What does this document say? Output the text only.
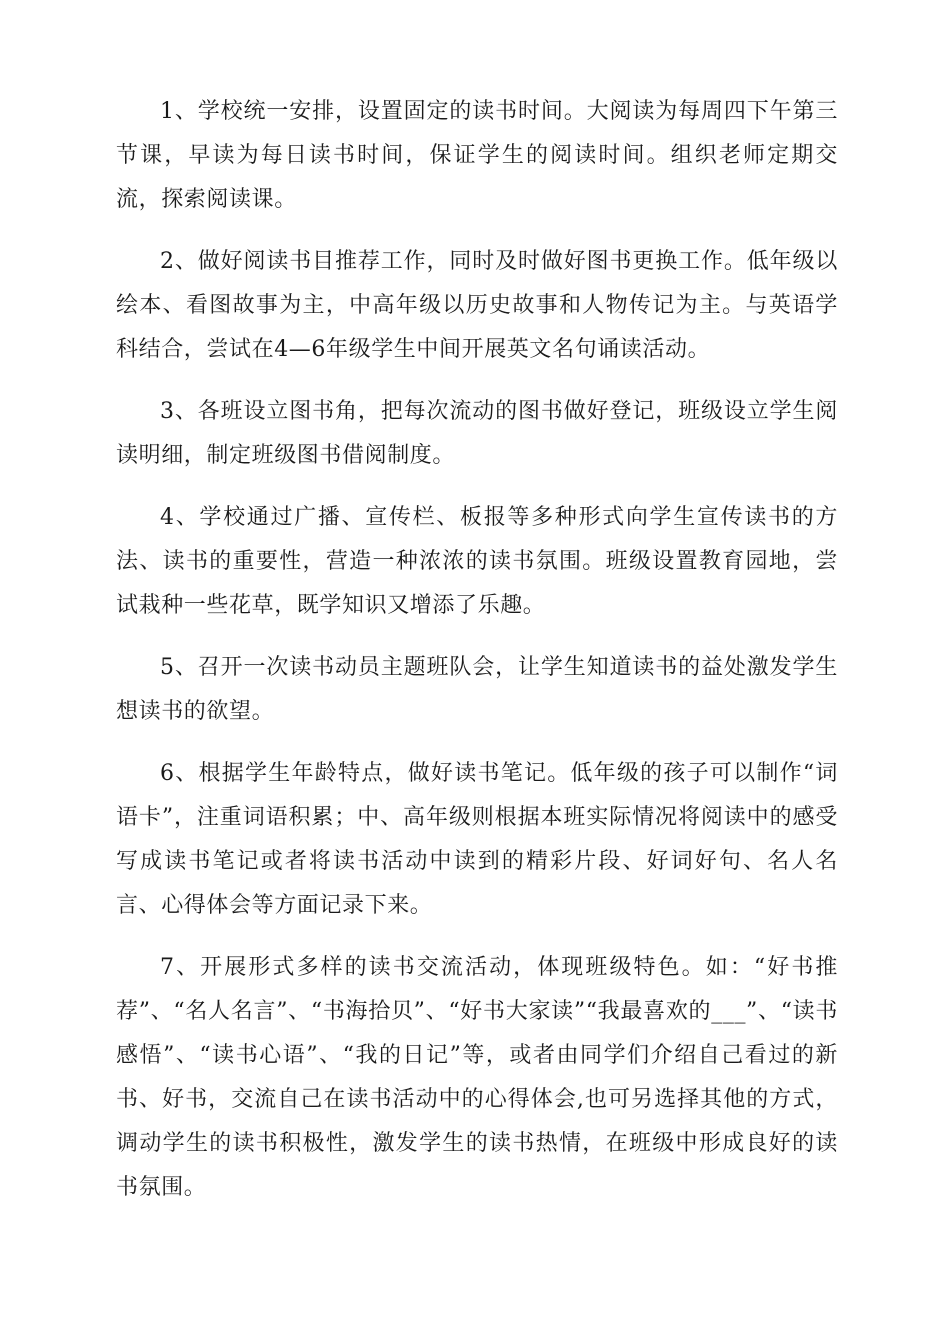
1、学校统一安排，设置固定的读书时间。大阅读为每周四下午第三节课，早读为每日读书时间，保证学生的阅读时间。组织老师定期交流，探索阅读课。

2、做好阅读书目推荐工作，同时及时做好图书更换工作。低年级以绘本、看图故事为主，中高年级以历史故事和人物传记为主。与英语学科结合，尝试在4—6年级学生中间开展英文名句诵读活动。

3、各班设立图书角，把每次流动的图书做好登记，班级设立学生阅读明细，制定班级图书借阅制度。

4、学校通过广播、宣传栏、板报等多种形式向学生宣传读书的方法、读书的重要性，营造一种浓浓的读书氛围。班级设置教育园地，尝试栽种一些花草，既学知识又增添了乐趣。

5、召开一次读书动员主题班队会，让学生知道读书的益处激发学生想读书的欲望。

6、根据学生年龄特点，做好读书笔记。低年级的孩子可以制作“词语卡”，注重词语积累；中、高年级则根据本班实际情况将阅读中的感受写成读书笔记或者将读书活动中读到的精彩片段、好词好句、名人名言、心得体会等方面记录下来。

7、开展形式多样的读书交流活动，体现班级特色。如：“好书推荐”、“名人名言”、“书海拾贝”、“好书大家读”“我最喜欢的___”、“读书感悟”、“读书心语”、“我的日记”等，或者由同学们介绍自己看过的新书、好书，交流自己在读书活动中的心得体会,也可另选择其他的方式，调动学生的读书积极性，激发学生的读书热情，在班级中形成良好的读书氛围。
